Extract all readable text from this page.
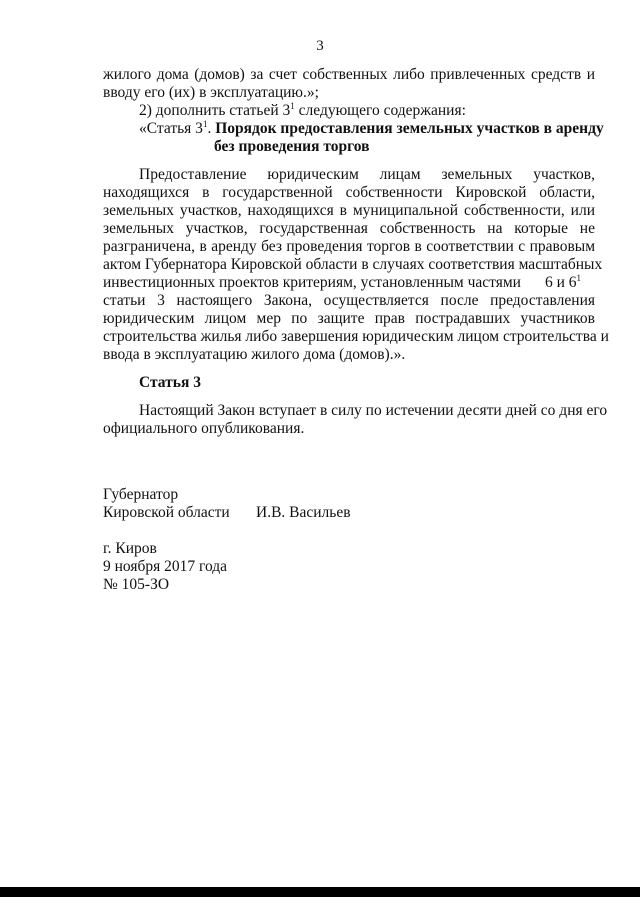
3
жилого дома (домов) за счет собственных либо привлеченных средств и
вводу его (их) в эксплуатацию.»;
2) дополнить статьей $3^1$ следующего содержания:
«Статья $3^1$. Порядок предоставления земельных участков в аренду
без проведения торгов
Предоставление юридическим лицам земельных участков,
находящихся в государственной собственности Кировской области,
земельных участков, находящихся в муниципальной собственности, или
земельных участков, государственная собственность на которые не
разграничена, в аренду без проведения торгов в соответствии с правовым
актом Губернатора Кировской области в случаях соответствия масштабных
инвестиционных проектов критериям, установленным частями 6 и $6^1$
статьи 3 настоящего Закона, осуществляется после предоставления
юридическим лицом мер по защите прав пострадавших участников
строительства жилья либо завершения юридическим лицом строительства и
ввода в эксплуатацию жилого дома (домов).».
Статья 3
Настоящий Закон вступает в силу по истечении десяти дней со дня его
официального опубликования.
Губернатор
Кировской области И.В. Васильев
г. Киров
9 ноября 2017 года
№ 105-ЗО
